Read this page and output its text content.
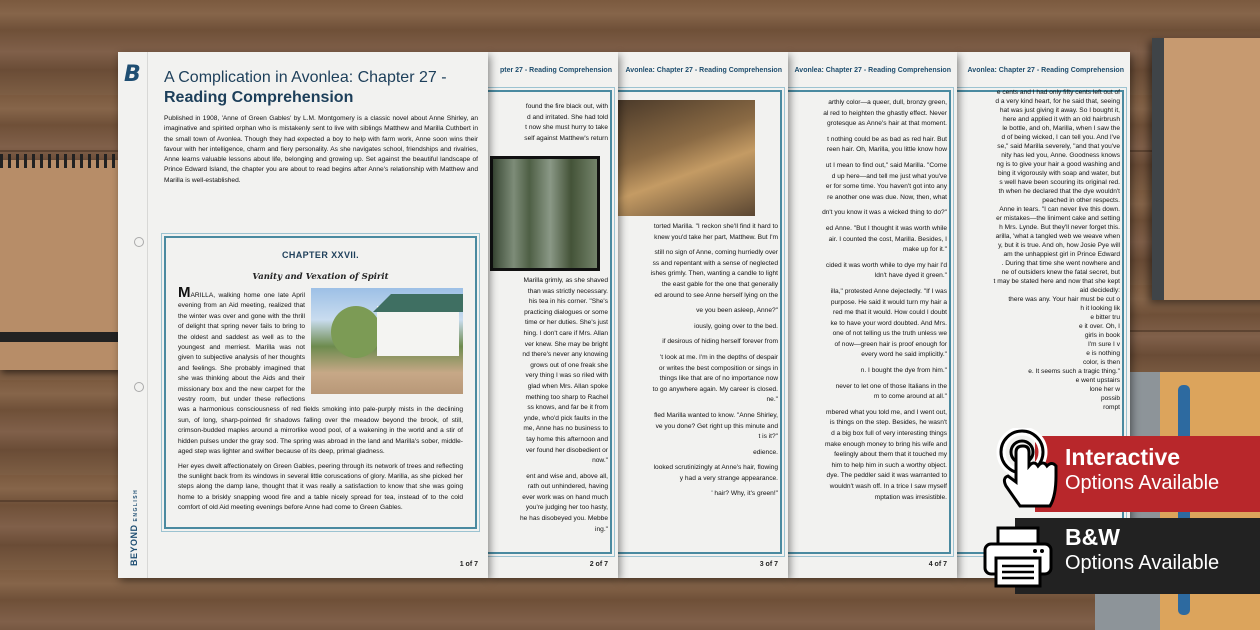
Avonlea: Chapter 27 - Reading Comprehension

e cents and I had only fifty cents left out of
d a very kind heart, for he said that, seeing
hat was just giving it away. So I bought it,
here and applied it with an old hairbrush
le bottle, and oh, Marilla, when I saw the
d of being wicked, I can tell you. And I've

se," said Marilla severely, "and that you've
nity has led you, Anne. Goodness knows
ng is to give your hair a good washing and

bing it vigorously with soap and water, but
s well have been scouring its original red.
th when he declared that the dye wouldn't
peached in other respects.

Anne in tears. "I can never live this down.
er mistakes—the liniment cake and setting
h Mrs. Lynde. But they'll never forget this.
arilla, 'what a tangled web we weave when
y, but it is true. And oh, how Josie Pye will
am the unhappiest girl in Prince Edward

. During that time she went nowhere and
ne of outsiders knew the fatal secret, but
t may be stated here and now that she kept
aid decidedly:

there was any. Your hair must be cut o
h it looking lik

e bitter tru

e it over. Oh, I
girls in book
I'm sure I v
e is nothing
color, is then
e. It seems such a tragic thing."

e went upstairs
lone her w
possib
rompt

Avonlea: Chapter 27 - Reading Comprehension

arthly color—a queer, dull, bronzy green,
al red to heighten the ghastly effect. Never
grotesque as Anne's hair at that moment.

t nothing could be as bad as red hair. But
reen hair. Oh, Marilla, you little know how

ut I mean to find out," said Marilla. "Come
d up here—and tell me just what you've
er for some time. You haven't got into any
re another one was due. Now, then, what

dn't you know it was a wicked thing to do?"

ed Anne. "But I thought it was worth while
air. I counted the cost, Marilla. Besides, I
make up for it."

cided it was worth while to dye my hair I'd
ldn't have dyed it green."

illa," protested Anne dejectedly. "If I was
purpose. He said it would turn my hair a
red me that it would. How could I doubt
ke to have your word doubted. And Mrs.
one of not telling us the truth unless we
of now—green hair is proof enough for
every word he said implicitly."

n. I bought the dye from him."

never to let one of those Italians in the
m to come around at all."

mbered what you told me, and I went out,
is things on the step. Besides, he wasn't
d a big box full of very interesting things
make enough money to bring his wife and
feelingly about them that it touched my
him to help him in such a worthy object.
dye. The peddler said it was warranted to
wouldn't wash off. In a trice I saw myself
mptation was irresistible.

4 of 7
Avonlea: Chapter 27 - Reading Comprehension

torted Marilla. "I reckon she'll find it hard to
knew you'd take her part, Matthew. But I'm

still no sign of Anne, coming hurriedly over
ss and repentant with a sense of neglected
ishes grimly. Then, wanting a candle to light
the east gable for the one that generally
ed around to see Anne herself lying on the

ve you been asleep, Anne?"

iously, going over to the bed.

if desirous of hiding herself forever from

't look at me. I'm in the depths of despair
or writes the best composition or sings in
things like that are of no importance now
to go anywhere again. My career is closed.
ne."

fled Marilla wanted to know. "Anne Shirley,
ve you done? Get right up this minute and
t is it?"

edience.

looked scrutinizingly at Anne's hair, flowing
y had a very strange appearance.

' hair? Why, it's green!"

3 of 7
pter 27 - Reading Comprehension

found the fire black out, with
d and irritated. She had told
t now she must hurry to take
self against Matthew's return

Marilla grimly, as she shaved
than was strictly necessary.
his tea in his corner. "She's
practicing dialogues or some
time or her duties. She's just
hing. I don't care if Mrs. Allan
ver knew. She may be bright
nd there's never any knowing
grows out of one freak she
very thing I was so riled with
glad when Mrs. Allan spoke
mething too sharp to Rachel
ss knows, and far be it from
ynde, who'd pick faults in the
me, Anne has no business to
tay home this afternoon and
ver found her disobedient or
now."

ent and wise and, above all,
rath out unhindered, having
ever work was on hand much
you're judging her too hasty,
he has disobeyed you. Mebbe
ing."

2 of 7
B
BEYONDENGLISH
A Complication in Avonlea: Chapter 27 -
Reading Comprehension
Published in 1908, 'Anne of Green Gables' by L.M. Montgomery is a classic novel about Anne Shirley, an imaginative and spirited orphan who is mistakenly sent to live with siblings Matthew and Marilla Cuthbert in the small town of Avonlea. Though they had expected a boy to help with farm work, Anne soon wins their favour with her intelligence, charm and fiery personality. As she navigates school, friendships and rivalries, Anne learns valuable lessons about life, belonging and growing up. Set against the beautiful landscape of Prince Edward Island, the chapter you are about to read begins after Anne's relationship with Matthew and Marilla is well-established.
CHAPTER XXVII.
Vanity and Vexation of Spirit

MARILLA, walking home one late April evening from an Aid meeting, realized that the winter was over and gone with the thrill of delight that spring never fails to bring to the oldest and saddest as well as to the youngest and merriest. Marilla was not given to subjective analysis of her thoughts and feelings. She probably imagined that she was thinking about the Aids and their missionary box and the new carpet for the vestry room, but under these reflections was a harmonious consciousness of red fields smoking into pale-purply mists in the declining sun, of long, sharp-pointed fir shadows falling over the meadow beyond the brook, of still, crimson-budded maples around a mirrorlike wood pool, of a wakening in the world and a stir of hidden pulses under the gray sod. The spring was abroad in the land and Marilla's sober, middle-aged step was lighter and swifter because of its deep, primal gladness.

Her eyes dwelt affectionately on Green Gables, peering through its network of trees and reflecting the sunlight back from its windows in several little coruscations of glory. Marilla, as she picked her steps along the damp lane, thought that it was really a satisfaction to know that she was going home to a briskly snapping wood fire and a table nicely spread for tea, instead of to the cold comfort of old Aid meeting evenings before Anne had come to Green Gables.

1 of 7
Interactive
Options Available
B&W
Options Available
